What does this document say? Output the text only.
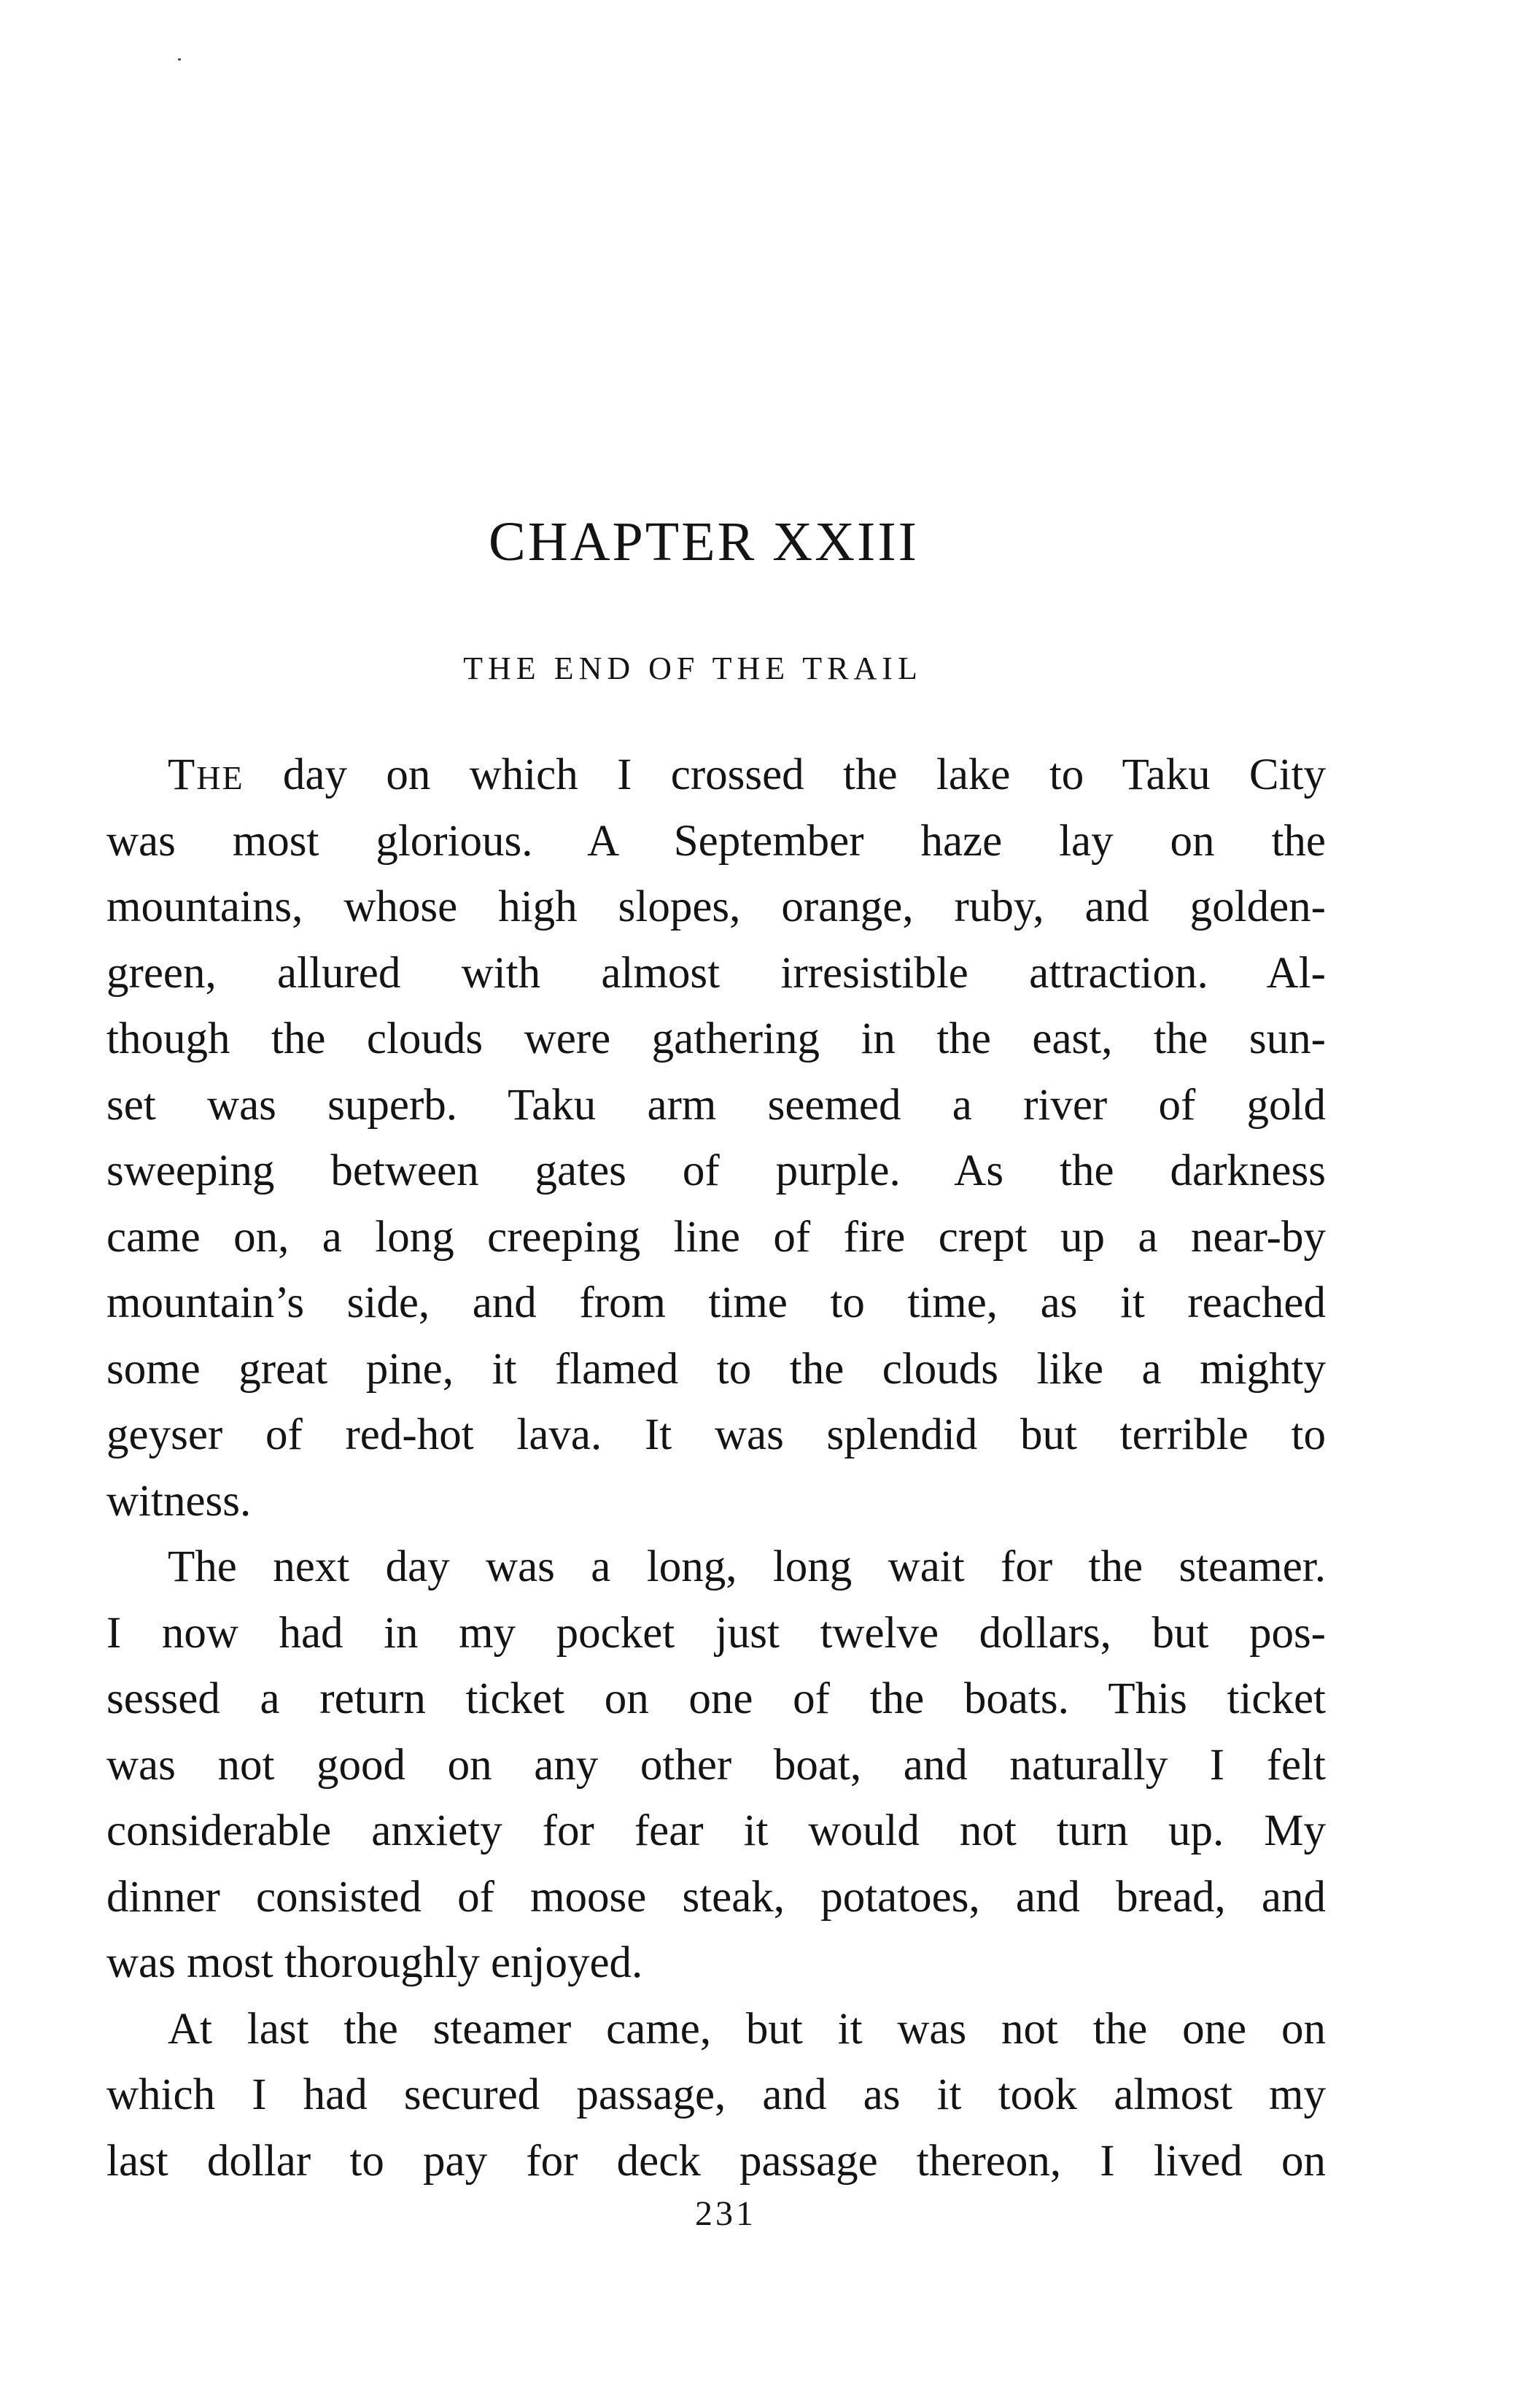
CHAPTER XXIII
THE END OF THE TRAIL
THE day on which I crossed the lake to Taku City
was most glorious. A September haze lay on the
mountains, whose high slopes, orange, ruby, and golden-
green, allured with almost irresistible attraction. Al-
though the clouds were gathering in the east, the sun-
set was superb. Taku arm seemed a river of gold
sweeping between gates of purple. As the darkness
came on, a long creeping line of fire crept up a near-by
mountain’s side, and from time to time, as it reached
some great pine, it flamed to the clouds like a mighty
geyser of red-hot lava. It was splendid but terrible to
witness.
The next day was a long, long wait for the steamer.
I now had in my pocket just twelve dollars, but pos-
sessed a return ticket on one of the boats. This ticket
was not good on any other boat, and naturally I felt
considerable anxiety for fear it would not turn up. My
dinner consisted of moose steak, potatoes, and bread, and
was most thoroughly enjoyed.
At last the steamer came, but it was not the one on
which I had secured passage, and as it took almost my
last dollar to pay for deck passage thereon, I lived on
231
